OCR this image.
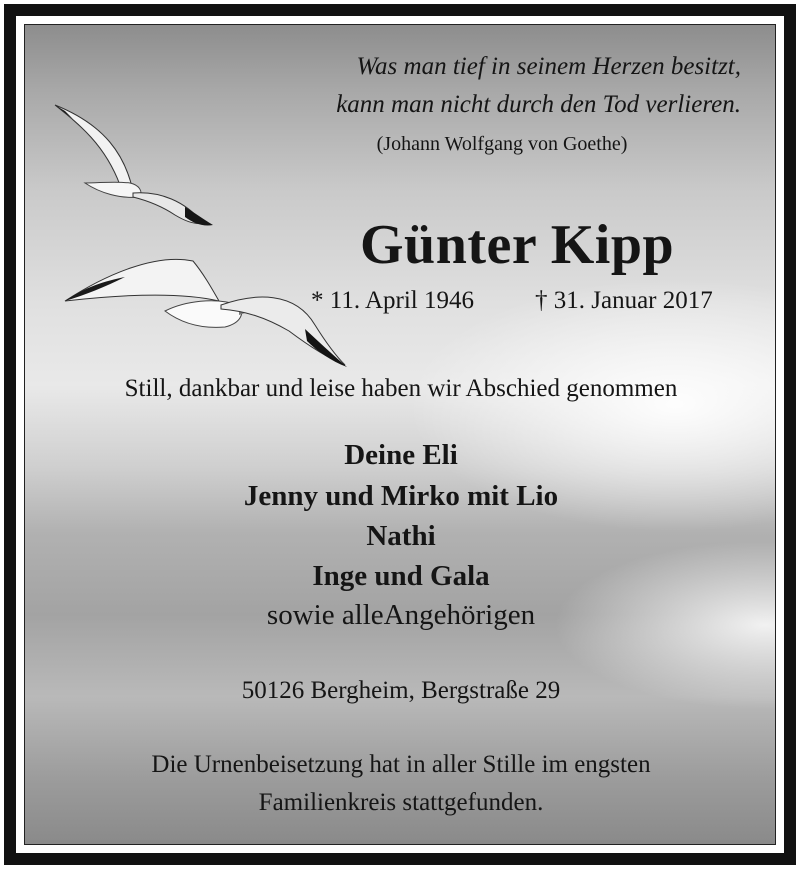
Was man tief in seinem Herzen besitzt,
kann man nicht durch den Tod verlieren.
(Johann Wolfgang von Goethe)
Günter Kipp
* 11. April 1946 † 31. Januar 2017
Still, dankbar und leise haben wir Abschied genommen
Deine Eli
Jenny und Mirko mit Lio
Nathi
Inge und Gala
sowie alleAngehörigen
50126 Bergheim, Bergstraße 29
Die Urnenbeisetzung hat in aller Stille im engsten
Familienkreis stattgefunden.
